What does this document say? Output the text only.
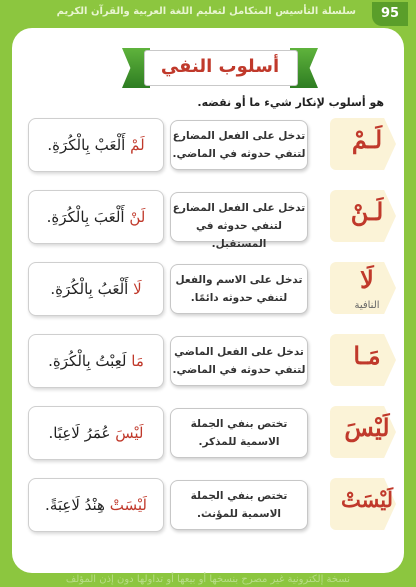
سلسلة التأسيس المتكامل لتعليم اللغة العربية والقرآن الكريم	95
أسلوب النفي
هو أسلوب لإنكار شيء ما أو نقضه.
لَـمْ
تدخل على الفعل المضارع
لتنفي حدوثه في الماضي.
لَمْ أَلْعَبْ بِالْكُرَةِ.
لَـنْ
تدخل على الفعل المضارع
لتنفي حدوثه في المستقبل.
لَنْ أَلْعَبَ بِالْكُرَةِ.
لَا
النافية
تدخل على الاسم والفعل
لتنفي حدوثه دائمًا.
لَا أَلْعَبُ بِالْكُرَةِ.
مَـا
تدخل على الفعل الماضي
لتنفي حدوثه في الماضي.
مَا لَعِبْتُ بِالْكُرَةِ.
لَيْسَ
تختص بنفي الجملة
الاسمية للمذكر.
لَيْسَ عُمَرُ لَاعِبًا.
لَيْسَتْ
تختص بنفي الجملة
الاسمية للمؤنث.
لَيْسَتْ هِنْدُ لَاعِبَةً.
نسخة إلكترونية غير مصرح بنسخها أو بيعها أو تداولها دون إذن المؤلف
